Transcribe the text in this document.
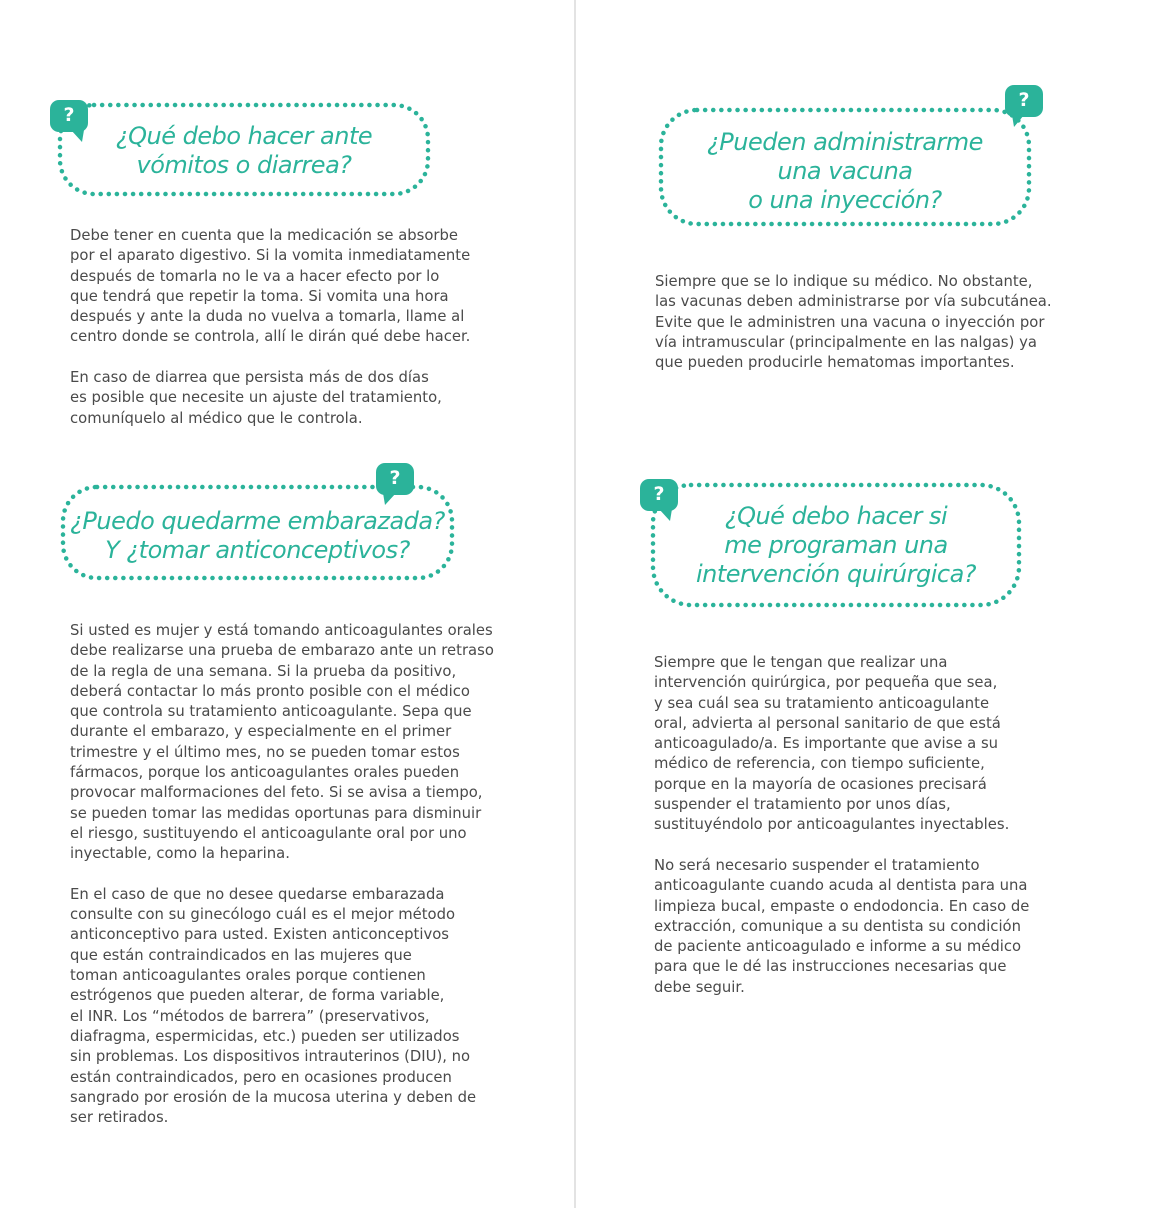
¿Qué debo hacer ante
vómitos o diarrea?
?
Debe tener en cuenta que la medicación se absorbe
por el aparato digestivo. Si la vomita inmediatamente
después de tomarla no le va a hacer efecto por lo
que tendrá que repetir la toma. Si vomita una hora
después y ante la duda no vuelva a tomarla, llame al
centro donde se controla, allí le dirán qué debe hacer.
En caso de diarrea que persista más de dos días
es posible que necesite un ajuste del tratamiento,
comuníquelo al médico que le controla.
¿Pueden administrarme
una vacuna
o una inyección?
?
Siempre que se lo indique su médico. No obstante,
las vacunas deben administrarse por vía subcutánea.
Evite que le administren una vacuna o inyección por
vía intramuscular (principalmente en las nalgas) ya
que pueden producirle hematomas importantes.
¿Puedo quedarme embarazada?
Y ¿tomar anticonceptivos?
?
Si usted es mujer y está tomando anticoagulantes orales
debe realizarse una prueba de embarazo ante un retraso
de la regla de una semana. Si la prueba da positivo,
deberá contactar lo más pronto posible con el médico
que controla su tratamiento anticoagulante. Sepa que
durante el embarazo, y especialmente en el primer
trimestre y el último mes, no se pueden tomar estos
fármacos, porque los anticoagulantes orales pueden
provocar malformaciones del feto. Si se avisa a tiempo,
se pueden tomar las medidas oportunas para disminuir
el riesgo, sustituyendo el anticoagulante oral por uno
inyectable, como la heparina.
En el caso de que no desee quedarse embarazada
consulte con su ginecólogo cuál es el mejor método
anticonceptivo para usted. Existen anticonceptivos
que están contraindicados en las mujeres que
toman anticoagulantes orales porque contienen
estrógenos que pueden alterar, de forma variable,
el INR. Los “métodos de barrera” (preservativos,
diafragma, espermicidas, etc.) pueden ser utilizados
sin problemas. Los dispositivos intrauterinos (DIU), no
están contraindicados, pero en ocasiones producen
sangrado por erosión de la mucosa uterina y deben de
ser retirados.
¿Qué debo hacer si
me programan una
intervención quirúrgica?
?
Siempre que le tengan que realizar una
intervención quirúrgica, por pequeña que sea,
y sea cuál sea su tratamiento anticoagulante
oral, advierta al personal sanitario de que está
anticoagulado/a. Es importante que avise a su
médico de referencia, con tiempo suficiente,
porque en la mayoría de ocasiones precisará
suspender el tratamiento por unos días,
sustituyéndolo por anticoagulantes inyectables.
No será necesario suspender el tratamiento
anticoagulante cuando acuda al dentista para una
limpieza bucal, empaste o endodoncia. En caso de
extracción, comunique a su dentista su condición
de paciente anticoagulado e informe a su médico
para que le dé las instrucciones necesarias que
debe seguir.
